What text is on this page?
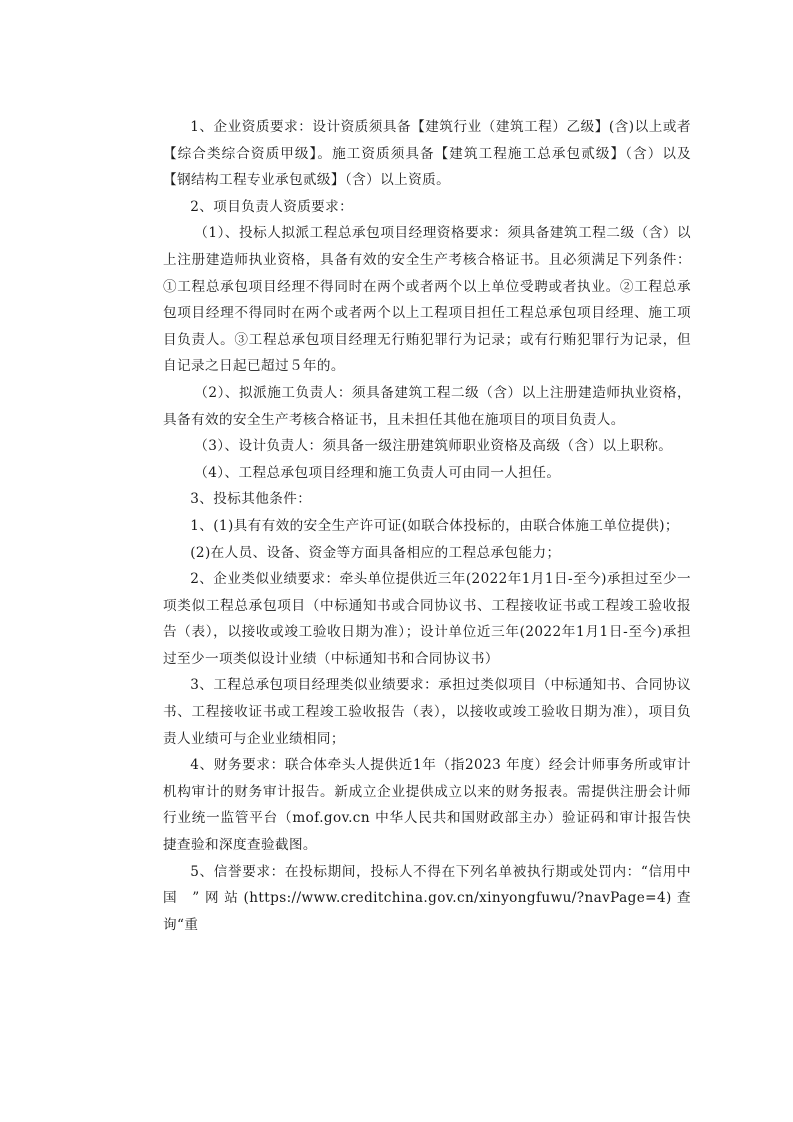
1、企业资质要求：设计资质须具备【建筑行业（建筑工程）乙级】(含)以上或者【综合类综合资质甲级】。施工资质须具备【建筑工程施工总承包贰级】（含）以及【钢结构工程专业承包贰级】（含）以上资质。

2、项目负责人资质要求：

（1）、投标人拟派工程总承包项目经理资格要求：须具备建筑工程二级（含）以上注册建造师执业资格，具备有效的安全生产考核合格证书。且必须满足下列条件：①工程总承包项目经理不得同时在两个或者两个以上单位受聘或者执业。②工程总承包项目经理不得同时在两个或者两个以上工程项目担任工程总承包项目经理、施工项目负责人。③工程总承包项目经理无行贿犯罪行为记录；或有行贿犯罪行为记录，但自记录之日起已超过５年的。

（2）、拟派施工负责人：须具备建筑工程二级（含）以上注册建造师执业资格，具备有效的安全生产考核合格证书，且未担任其他在施项目的项目负责人。

（3）、设计负责人：须具备一级注册建筑师职业资格及高级（含）以上职称。

（4）、工程总承包项目经理和施工负责人可由同一人担任。

3、投标其他条件：

1、(1)具有有效的安全生产许可证(如联合体投标的，由联合体施工单位提供)；

(2)在人员、设备、资金等方面具备相应的工程总承包能力；

2、企业类似业绩要求：牵头单位提供近三年(2022年1月1日-至今)承担过至少一项类似工程总承包项目（中标通知书或合同协议书、工程接收证书或工程竣工验收报告（表），以接收或竣工验收日期为准）；设计单位近三年(2022年1月1日-至今)承担过至少一项类似设计业绩（中标通知书和合同协议书）

3、工程总承包项目经理类似业绩要求：承担过类似项目（中标通知书、合同协议书、工程接收证书或工程竣工验收报告（表），以接收或竣工验收日期为准），项目负责人业绩可与企业业绩相同；

4、财务要求：联合体牵头人提供近1年（指2023 年度）经会计师事务所或审计机构审计的财务审计报告。新成立企业提供成立以来的财务报表。需提供注册会计师行业统一监管平台（mof.gov.cn 中华人民共和国财政部主办）验证码和审计报告快捷查验和深度查验截图。

5、信誉要求：在投标期间，投标人不得在下列名单被执行期或处罚内：“信用中国 ”网站(https://www.creditchina.gov.cn/xinyongfuwu/?navPage=4)查询“重
